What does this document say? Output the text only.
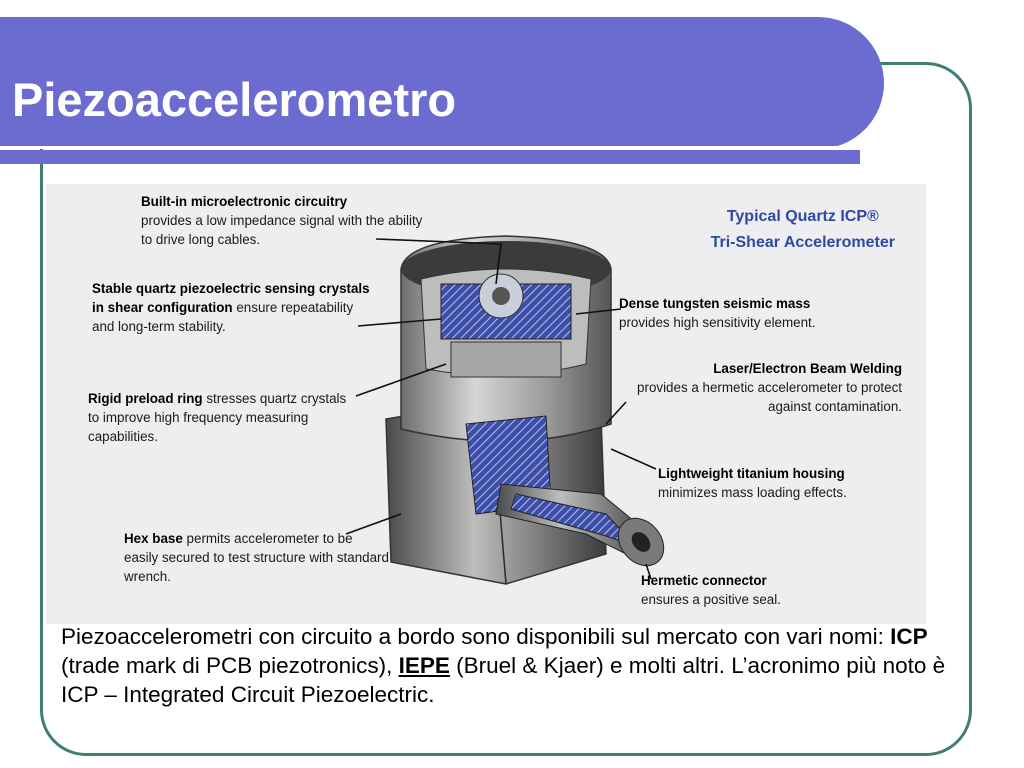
Piezoaccelerometro
Typical Quartz ICP®
Tri-Shear Accelerometer
Built-in microelectronic circuitry
provides a low impedance signal with the ability to drive long cables.
Stable quartz piezoelectric sensing crystals in shear configuration ensure repeatability and long-term stability.
Rigid preload ring stresses quartz crystals to improve high frequency measuring capabilities.
Hex base permits accelerometer to be easily secured to test structure with standard wrench.
Dense tungsten seismic mass
provides high sensitivity element.
Laser/Electron Beam Welding
provides a hermetic accelerometer to protect against contamination.
Lightweight titanium housing
minimizes mass loading effects.
Hermetic connector
ensures a positive seal.
Piezoaccelerometri con circuito a bordo sono disponibili sul mercato con vari nomi: ICP (trade mark di PCB piezotronics), IEPE (Bruel & Kjaer) e molti altri. L’acronimo più noto è ICP – Integrated Circuit Piezoelectric.
